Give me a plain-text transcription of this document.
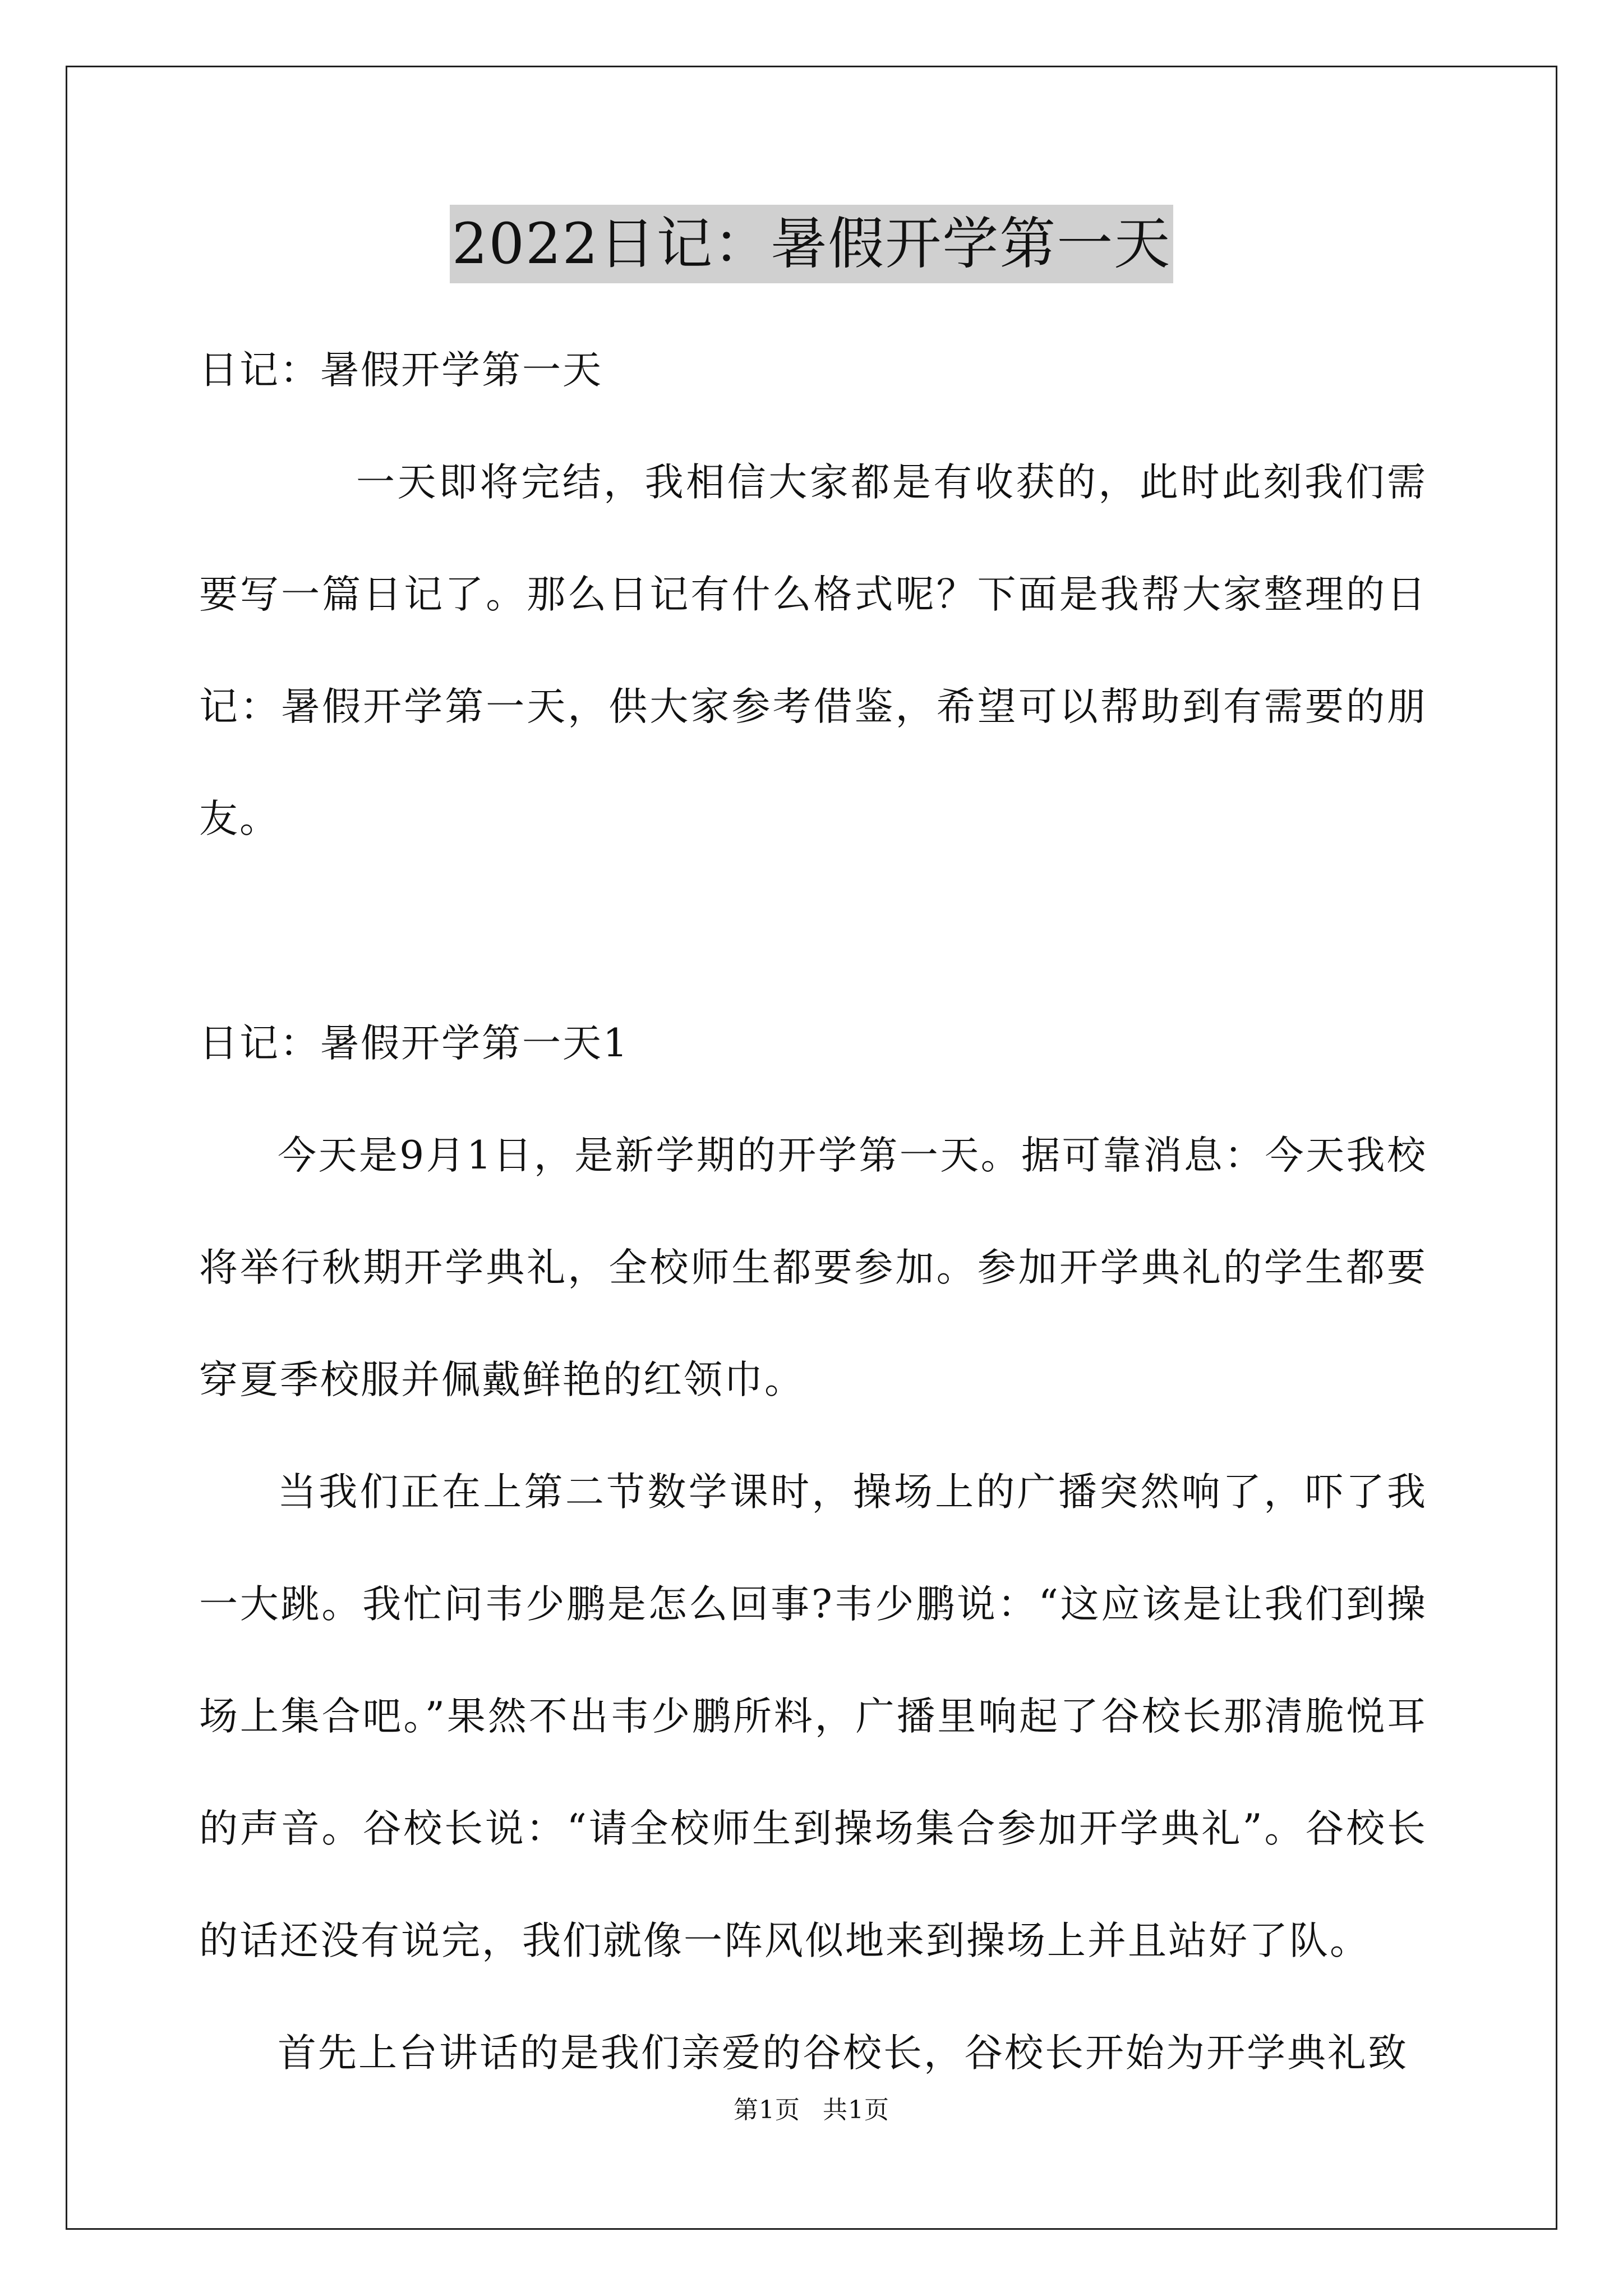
2022日记：暑假开学第一天
日记：暑假开学第一天
一天即将完结，我相信大家都是有收获的，此时此刻我们需要写一篇日记了。那么日记有什么格式呢？下面是我帮大家整理的日记：暑假开学第一天，供大家参考借鉴，希望可以帮助到有需要的朋友。
日记：暑假开学第一天1
今天是9月1日，是新学期的开学第一天。据可靠消息：今天我校将举行秋期开学典礼，全校师生都要参加。参加开学典礼的学生都要穿夏季校服并佩戴鲜艳的红领巾。
当我们正在上第二节数学课时，操场上的广播突然响了，吓了我一大跳。我忙问韦少鹏是怎么回事?韦少鹏说：“这应该是让我们到操场上集合吧。”果然不出韦少鹏所料，广播里响起了谷校长那清脆悦耳的声音。谷校长说：“请全校师生到操场集合参加开学典礼”。谷校长的话还没有说完，我们就像一阵风似地来到操场上并且站好了队。
首先上台讲话的是我们亲爱的谷校长，谷校长开始为开学典礼致
第1页 共1页
